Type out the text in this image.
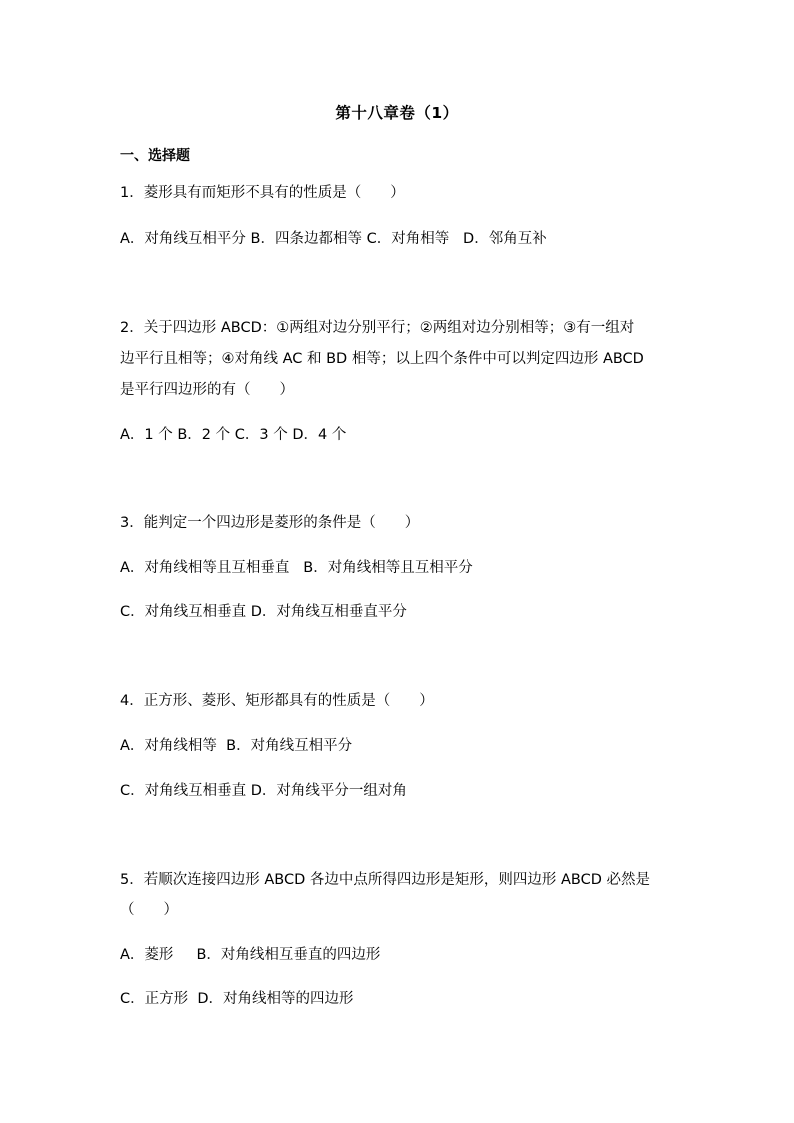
第十八章卷（1）
一、选择题
1．菱形具有而矩形不具有的性质是（　　）
A．对角线互相平分 B．四条边都相等 C．对角相等   D．邻角互补
2．关于四边形 ABCD：①两组对边分别平行；②两组对边分别相等；③有一组对
边平行且相等；④对角线 AC 和 BD 相等；以上四个条件中可以判定四边形 ABCD
是平行四边形的有（　　）
A．1 个 B．2 个 C．3 个 D．4 个
3．能判定一个四边形是菱形的条件是（　　）
A．对角线相等且互相垂直   B．对角线相等且互相平分
C．对角线互相垂直 D．对角线互相垂直平分
4．正方形、菱形、矩形都具有的性质是（　　）
A．对角线相等  B．对角线互相平分
C．对角线互相垂直 D．对角线平分一组对角
5．若顺次连接四边形 ABCD 各边中点所得四边形是矩形，则四边形 ABCD 必然是
（　　）
A．菱形     B．对角线相互垂直的四边形
C．正方形  D．对角线相等的四边形
